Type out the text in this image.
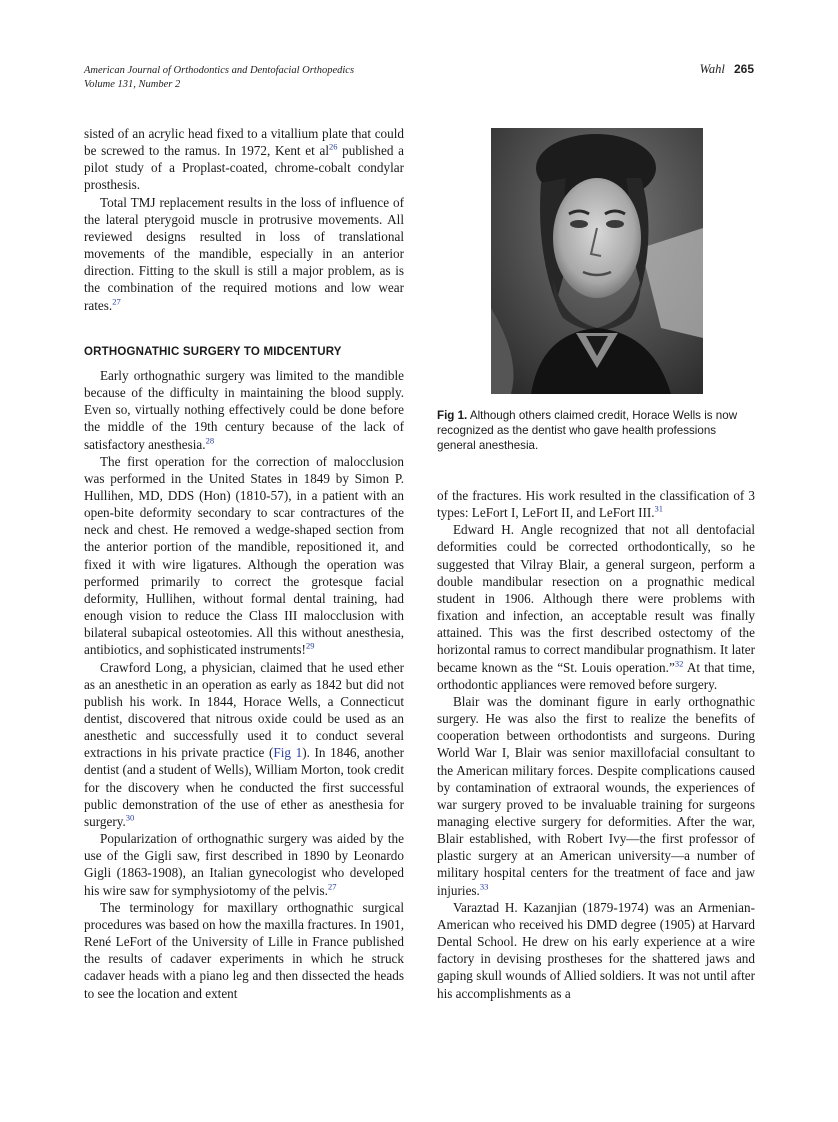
American Journal of Orthodontics and Dentofacial Orthopedics
Volume 131, Number 2
Wahl 265

sisted of an acrylic head fixed to a vitallium plate that could be screwed to the ramus. In 1972, Kent et $al^{26}$ published a pilot study of a Proplast-coated, chrome-cobalt condylar prosthesis.

Total TMJ replacement results in the loss of influence of the lateral pterygoid muscle in protrusive movements. All reviewed designs resulted in loss of translational movements of the mandible, especially in an anterior direction. Fitting to the skull is still a major problem, as is the combination of the required motions and low wear rates.$^{27}$

ORTHOGNATHIC SURGERY TO MIDCENTURY

Early orthognathic surgery was limited to the mandible because of the difficulty in maintaining the blood supply. Even so, virtually nothing effectively could be done before the middle of the 19th century because of the lack of satisfactory anesthesia.$^{28}$

The first operation for the correction of malocclusion was performed in the United States in 1849 by Simon P. Hullihen, MD, DDS (Hon) (1810-57), in a patient with an open-bite deformity secondary to scar contractures of the neck and chest. He removed a wedge-shaped section from the anterior portion of the mandible, repositioned it, and fixed it with wire ligatures. Although the operation was performed primarily to correct the grotesque facial deformity, Hullihen, without formal dental training, had enough vision to reduce the Class III malocclusion with bilateral subapical osteotomies. All this without anesthesia, antibiotics, and sophisticated instruments!$^{29}$

Crawford Long, a physician, claimed that he used ether as an anesthetic in an operation as early as 1842 but did not publish his work. In 1844, Horace Wells, a Connecticut dentist, discovered that nitrous oxide could be used as an anesthetic and successfully used it to conduct several extractions in his private practice (Fig 1). In 1846, another dentist (and a student of Wells), William Morton, took credit for the discovery when he conducted the first successful public demonstration of the use of ether as anesthesia for surgery.$^{30}$

Popularization of orthognathic surgery was aided by the use of the Gigli saw, first described in 1890 by Leonardo Gigli (1863-1908), an Italian gynecologist who developed his wire saw for symphysiotomy of the pelvis.$^{27}$

The terminology for maxillary orthognathic surgical procedures was based on how the maxilla fractures. In 1901, René LeFort of the University of Lille in France published the results of cadaver experiments in which he struck cadaver heads with a piano leg and then dissected the heads to see the location and extent

Fig 1. Although others claimed credit, Horace Wells is now recognized as the dentist who gave health professions general anesthesia.

of the fractures. His work resulted in the classification of 3 types: LeFort I, LeFort II, and LeFort III.$^{31}$

Edward H. Angle recognized that not all dentofacial deformities could be corrected orthodontically, so he suggested that Vilray Blair, a general surgeon, perform a double mandibular resection on a prognathic medical student in 1906. Although there were problems with fixation and infection, an acceptable result was finally attained. This was the first described ostectomy of the horizontal ramus to correct mandibular prognathism. It later became known as the “St. Louis operation.”$^{32}$ At that time, orthodontic appliances were removed before surgery.

Blair was the dominant figure in early orthognathic surgery. He was also the first to realize the benefits of cooperation between orthodontists and surgeons. During World War I, Blair was senior maxillofacial consultant to the American military forces. Despite complications caused by contamination of extraoral wounds, the experiences of war surgery proved to be invaluable training for surgeons managing elective surgery for deformities. After the war, Blair established, with Robert Ivy—the first professor of plastic surgery at an American university—a number of military hospital centers for the treatment of face and jaw injuries.$^{33}$

Varaztad H. Kazanjian (1879-1974) was an Armenian-American who received his DMD degree (1905) at Harvard Dental School. He drew on his early experience at a wire factory in devising prostheses for the shattered jaws and gaping skull wounds of Allied soldiers. It was not until after his accomplishments as a
